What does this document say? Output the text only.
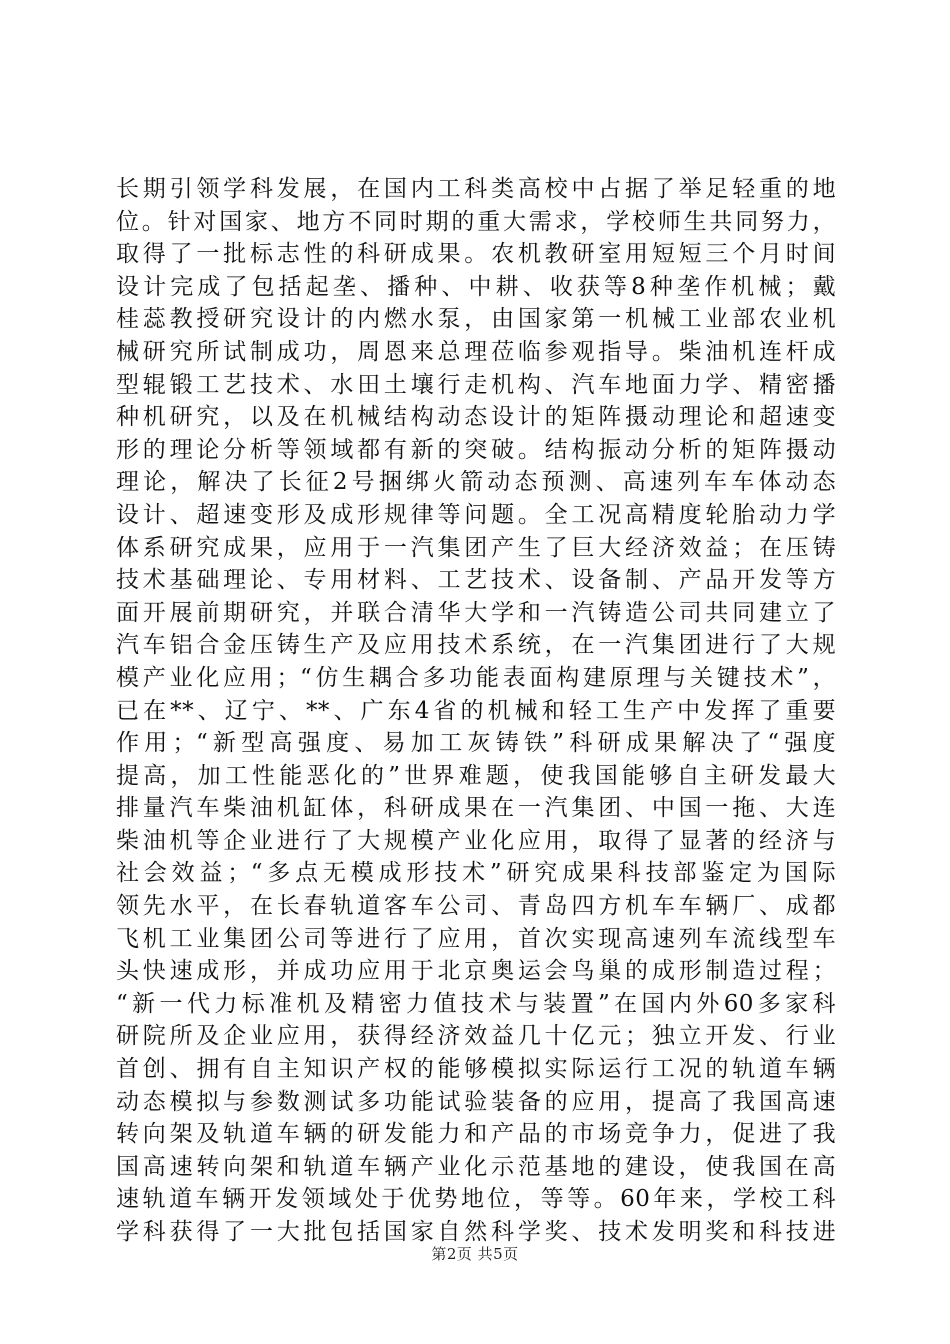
长期引领学科发展，在国内工科类高校中占据了举足轻重的地
位。针对国家、地方不同时期的重大需求，学校师生共同努力，
取得了一批标志性的科研成果。农机教研室用短短三个月时间
设计完成了包括起垄、播种、中耕、收获等8种垄作机械；戴
桂蕊教授研究设计的内燃水泵，由国家第一机械工业部农业机
械研究所试制成功，周恩来总理莅临参观指导。柴油机连杆成
型辊锻工艺技术、水田土壤行走机构、汽车地面力学、精密播
种机研究，以及在机械结构动态设计的矩阵摄动理论和超速变
形的理论分析等领域都有新的突破。结构振动分析的矩阵摄动
理论，解决了长征2号捆绑火箭动态预测、高速列车车体动态
设计、超速变形及成形规律等问题。全工况高精度轮胎动力学
体系研究成果，应用于一汽集团产生了巨大经济效益；在压铸
技术基础理论、专用材料、工艺技术、设备制、产品开发等方
面开展前期研究，并联合清华大学和一汽铸造公司共同建立了
汽车铝合金压铸生产及应用技术系统，在一汽集团进行了大规
模产业化应用；“仿生耦合多功能表面构建原理与关键技术”，
已在**、辽宁、**、广东4省的机械和轻工生产中发挥了重要
作用；“新型高强度、易加工灰铸铁”科研成果解决了“强度
提高，加工性能恶化的”世界难题，使我国能够自主研发最大
排量汽车柴油机缸体，科研成果在一汽集团、中国一拖、大连
柴油机等企业进行了大规模产业化应用，取得了显著的经济与
社会效益；“多点无模成形技术”研究成果科技部鉴定为国际
领先水平，在长春轨道客车公司、青岛四方机车车辆厂、成都
飞机工业集团公司等进行了应用，首次实现高速列车流线型车
头快速成形，并成功应用于北京奥运会鸟巢的成形制造过程；
“新一代力标准机及精密力值技术与装置”在国内外60多家科
研院所及企业应用，获得经济效益几十亿元；独立开发、行业
首创、拥有自主知识产权的能够模拟实际运行工况的轨道车辆
动态模拟与参数测试多功能试验装备的应用，提高了我国高速
转向架及轨道车辆的研发能力和产品的市场竞争力，促进了我
国高速转向架和轨道车辆产业化示范基地的建设，使我国在高
速轨道车辆开发领域处于优势地位，等等。60年来，学校工科
学科获得了一大批包括国家自然科学奖、技术发明奖和科技进
第2页 共5页
